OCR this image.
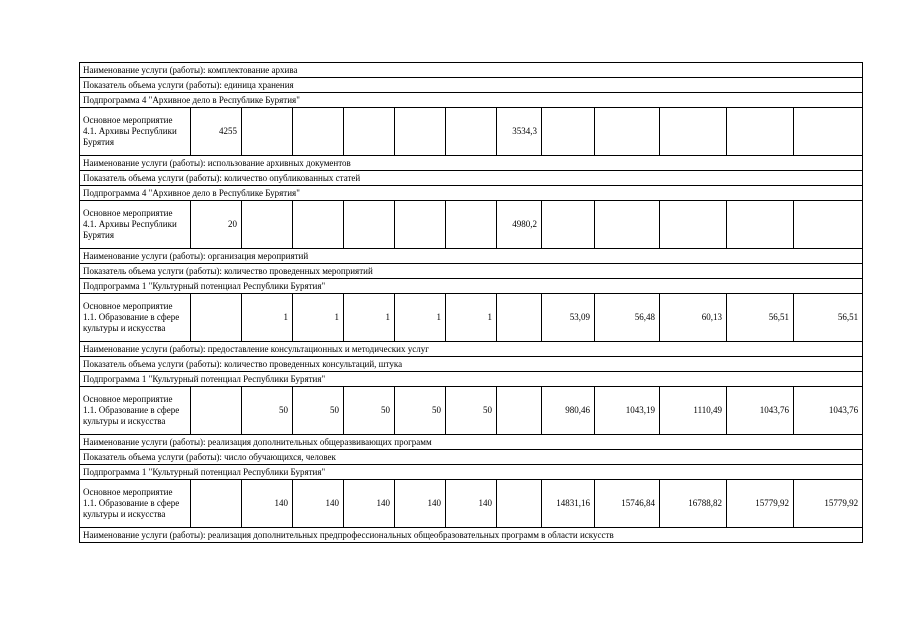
Наименование услуги (работы): комплектование архива												
Показатель объема услуги (работы): единица хранения												
Подпрограмма 4 "Архивное дело в Республике Бурятия"												
Основное мероприятие 4.1. Архивы Республики Бурятия	4255						3534,3					
Наименование услуги (работы): использование архивных документов												
Показатель объема услуги (работы): количество опубликованных статей												
Подпрограмма 4 "Архивное дело в Республике Бурятия"												
Основное мероприятие 4.1. Архивы Республики Бурятия	20						4980,2					
Наименование услуги (работы): организация мероприятий												
Показатель объема услуги (работы): количество проведенных мероприятий												
Подпрограмма 1 "Культурный потенциал Республики Бурятия"												
Основное мероприятие 1.1. Образование в сфере культуры и искусства		1	1	1	1	1		53,09	56,48	60,13	56,51	56,51
Наименование услуги (работы): предоставление консультационных и методических услуг												
Показатель объема услуги (работы): количество проведенных консультаций, штука												
Подпрограмма 1 "Культурный потенциал Республики Бурятия"												
Основное мероприятие 1.1. Образование в сфере культуры и искусства		50	50	50	50	50		980,46	1043,19	1110,49	1043,76	1043,76
Наименование услуги (работы): реализация дополнительных общеразвивающих программ												
Показатель объема услуги (работы): число обучающихся, человек												
Подпрограмма 1 "Культурный потенциал Республики Бурятия"												
Основное мероприятие 1.1. Образование в сфере культуры и искусства		140	140	140	140	140		14831,16	15746,84	16788,82	15779,92	15779,92
Наименование услуги (работы): реализация дополнительных предпрофессиональных общеобразовательных программ в области искусств												
